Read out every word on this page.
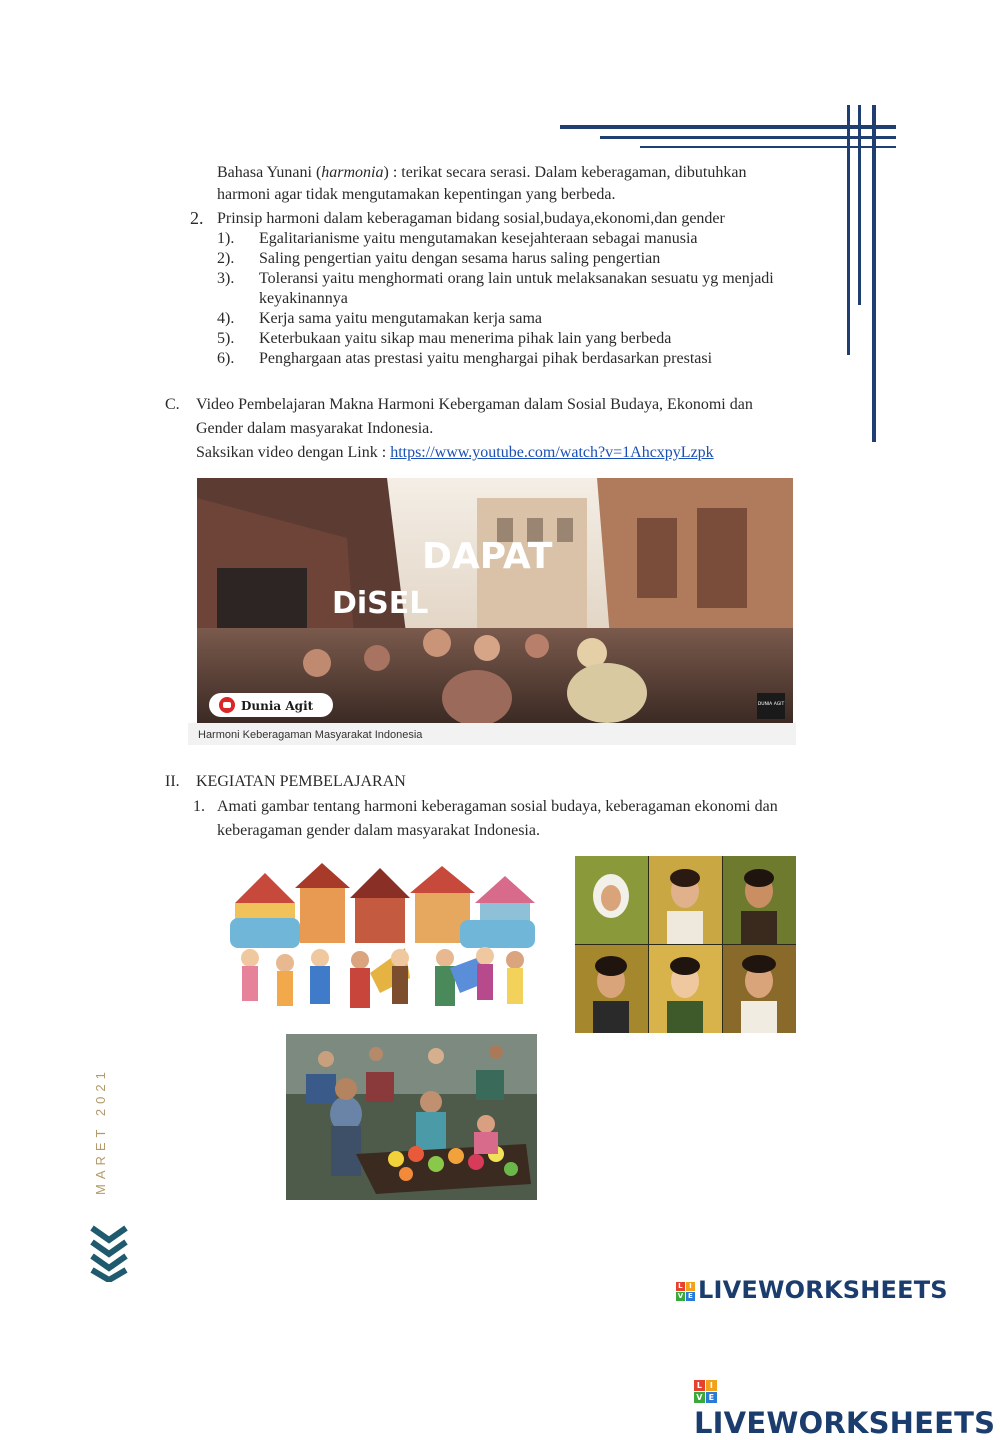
Bahasa Yunani (harmonia) : terikat secara serasi. Dalam keberagaman, dibutuhkan
harmoni agar tidak mengutamakan kepentingan yang berbeda.
2. Prinsip harmoni dalam keberagaman bidang sosial,budaya,ekonomi,dan gender
1). Egalitarianisme yaitu mengutamakan kesejahteraan sebagai manusia
2). Saling pengertian yaitu dengan sesama harus saling pengertian
3). Toleransi yaitu menghormati orang lain untuk melaksanakan sesuatu yg menjadi
keyakinannya
4). Kerja sama yaitu mengutamakan kerja sama
5). Keterbukaan yaitu sikap mau menerima pihak lain yang berbeda
6). Penghargaan atas prestasi yaitu menghargai pihak berdasarkan prestasi
C. Video Pembelajaran Makna Harmoni Kebergaman dalam Sosial Budaya, Ekonomi dan
Gender dalam masyarakat Indonesia.
Saksikan video dengan Link : https://www.youtube.com/watch?v=1AhcxpyLzpk
DAPAT
DiSEL
Dunia Agit	DUNIA AGIT
Harmoni Keberagaman Masyarakat Indonesia
II. KEGIATAN PEMBELAJARAN
1. Amati gambar tentang harmoni keberagaman sosial budaya, keberagaman ekonomi dan
keberagaman gender dalam masyarakat Indonesia.
MARET 2021
L I
V E LIVEWORKSHEETS
L I
V E
LIVEWORKSHEETS
